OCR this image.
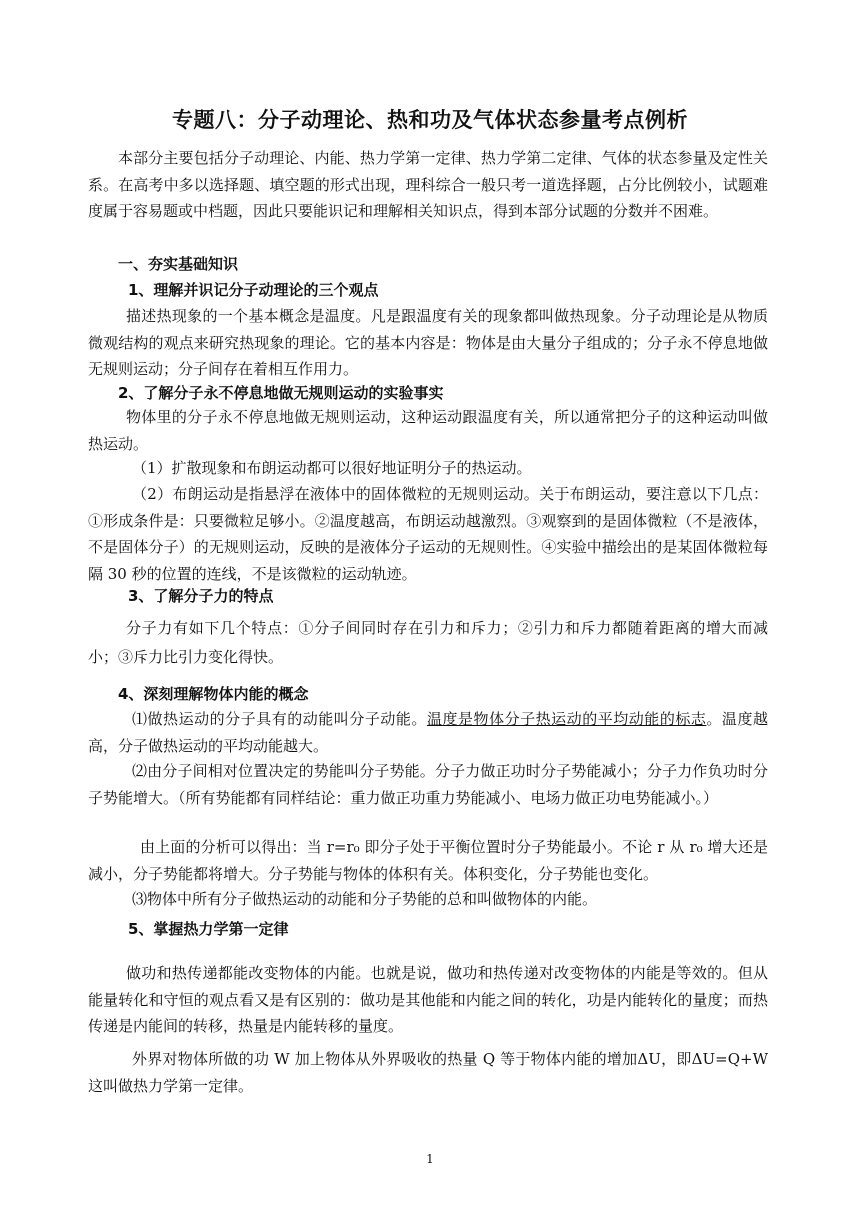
专题八：分子动理论、热和功及气体状态参量考点例析

本部分主要包括分子动理论、内能、热力学第一定律、热力学第二定律、气体的状态参量及定性关系。在高考中多以选择题、填空题的形式出现，理科综合一般只考一道选择题，占分比例较小，试题难度属于容易题或中档题，因此只要能识记和理解相关知识点，得到本部分试题的分数并不困难。

一、夯实基础知识
1、理解并识记分子动理论的三个观点

描述热现象的一个基本概念是温度。凡是跟温度有关的现象都叫做热现象。分子动理论是从物质微观结构的观点来研究热现象的理论。它的基本内容是：物体是由大量分子组成的；分子永不停息地做无规则运动；分子间存在着相互作用力。

2、了解分子永不停息地做无规则运动的实验事实

物体里的分子永不停息地做无规则运动，这种运动跟温度有关，所以通常把分子的这种运动叫做热运动。

（1）扩散现象和布朗运动都可以很好地证明分子的热运动。

（2）布朗运动是指悬浮在液体中的固体微粒的无规则运动。关于布朗运动，要注意以下几点：①形成条件是：只要微粒足够小。②温度越高，布朗运动越激烈。③观察到的是固体微粒（不是液体，不是固体分子）的无规则运动，反映的是液体分子运动的无规则性。④实验中描绘出的是某固体微粒每隔 30 秒的位置的连线，不是该微粒的运动轨迹。

3、了解分子力的特点

分子力有如下几个特点：①分子间同时存在引力和斥力；②引力和斥力都随着距离的增大而减小；③斥力比引力变化得快。

4、深刻理解物体内能的概念

⑴做热运动的分子具有的动能叫分子动能。温度是物体分子热运动的平均动能的标志。温度越高，分子做热运动的平均动能越大。

⑵由分子间相对位置决定的势能叫分子势能。分子力做正功时分子势能减小；分子力作负功时分子势能增大。（所有势能都有同样结论：重力做正功重力势能减小、电场力做正功电势能减小。）

由上面的分析可以得出：当 r=r₀ 即分子处于平衡位置时分子势能最小。不论 r 从 r₀ 增大还是减小，分子势能都将增大。分子势能与物体的体积有关。体积变化，分子势能也变化。

⑶物体中所有分子做热运动的动能和分子势能的总和叫做物体的内能。

5、掌握热力学第一定律

做功和热传递都能改变物体的内能。也就是说，做功和热传递对改变物体的内能是等效的。但从能量转化和守恒的观点看又是有区别的：做功是其他能和内能之间的转化，功是内能转化的量度；而热传递是内能间的转移，热量是内能转移的量度。

外界对物体所做的功 W 加上物体从外界吸收的热量 Q 等于物体内能的增加ΔU，即ΔU=Q+W 这叫做热力学第一定律。

1
